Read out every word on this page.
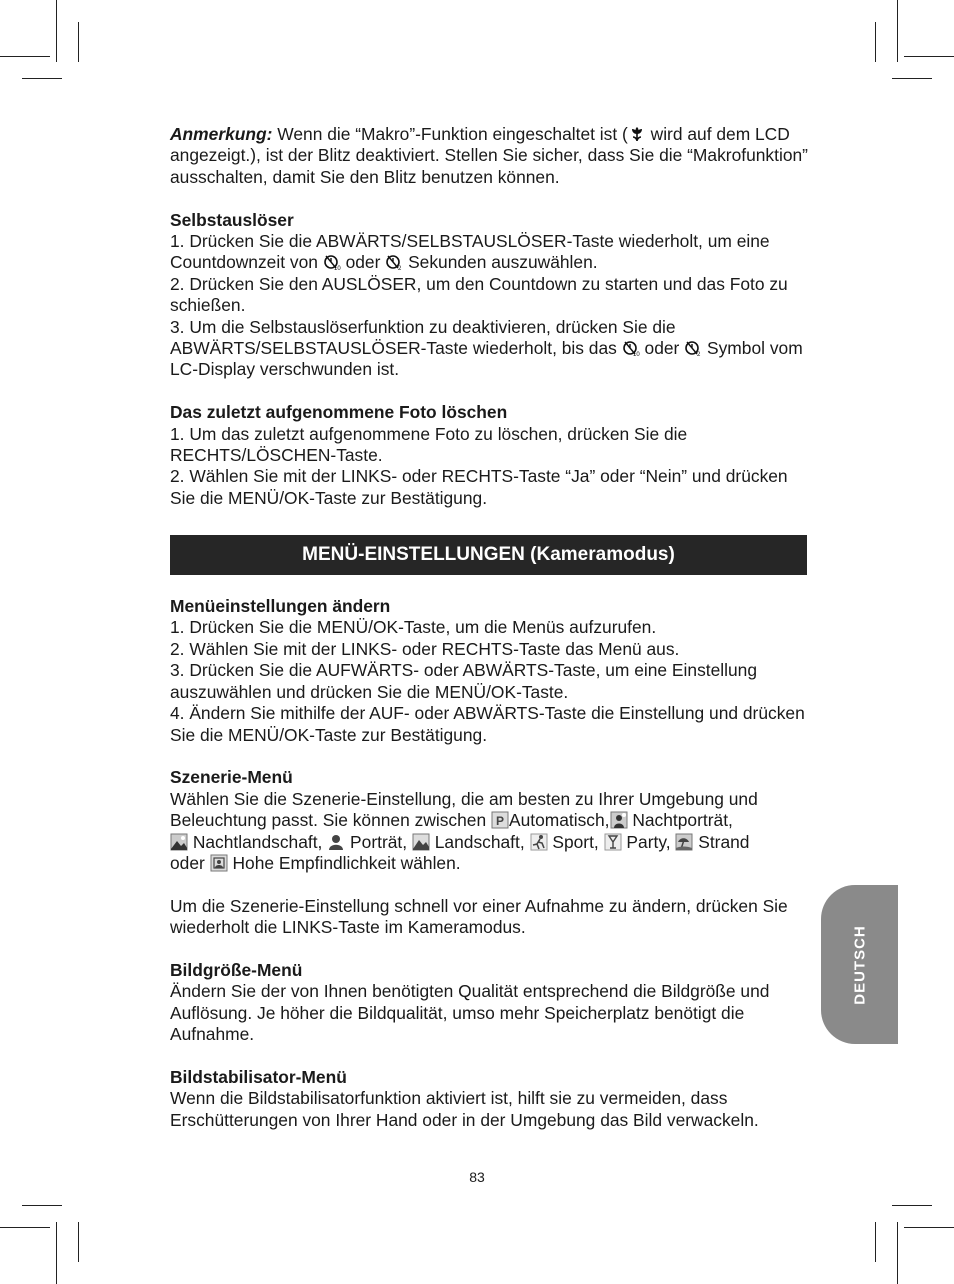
Anmerkung: Wenn die “Makro”-Funktion eingeschaltet ist (
wird auf dem LCD angezeigt.), ist der Blitz deaktiviert. Stellen Sie sicher, dass Sie die “Makrofunktion” ausschalten, damit Sie den Blitz benutzen können.

Selbstauslöser

1. Drücken Sie die ABWÄRTS/SELBSTAUSLÖSER-Taste wiederholt, um eine Countdownzeit von 10 oder 2 Sekunden auszuwählen.

2. Drücken Sie den AUSLÖSER, um den Countdown zu starten und das Foto zu schießen.

3. Um die Selbstauslöserfunktion zu deaktivieren, drücken Sie die ABWÄRTS/SELBSTAUSLÖSER-Taste wiederholt, bis das 10 oder 2 Symbol vom LC-Display verschwunden ist.

Das zuletzt aufgenommene Foto löschen

1. Um das zuletzt aufgenommene Foto zu löschen, drücken Sie die RECHTS/LÖSCHEN-Taste.

2. Wählen Sie mit der LINKS- oder RECHTS-Taste “Ja” oder “Nein” und drücken Sie die MENÜ/OK-Taste zur Bestätigung.

MENÜ-EINSTELLUNGEN (Kameramodus)

Menüeinstellungen ändern

1. Drücken Sie die MENÜ/OK-Taste, um die Menüs aufzurufen.

2. Wählen Sie mit der LINKS- oder RECHTS-Taste das Menü aus.

3. Drücken Sie die AUFWÄRTS- oder ABWÄRTS-Taste, um eine Einstellung auszuwählen und drücken Sie die MENÜ/OK-Taste.

4. Ändern Sie mithilfe der AUF- oder ABWÄRTS-Taste die Einstellung und drücken Sie die MENÜ/OK-Taste zur Bestätigung.

Szenerie-Menü

Wählen Sie die Szenerie-Einstellung, die am besten zu Ihrer Umgebung und Beleuchtung passt. Sie können zwischen P Automatisch,
Nachtporträt,

Nachtlandschaft,
Porträt,
Landschaft,
Sport,
Party,
Strand
oder
Hohe Empfindlichkeit wählen.

Um die Szenerie-Einstellung schnell vor einer Aufnahme zu ändern, drücken Sie wiederholt die LINKS-Taste im Kameramodus.

Bildgröße-Menü

Ändern Sie der von Ihnen benötigten Qualität entsprechend die Bildgröße und Auflösung. Je höher die Bildqualität, umso mehr Speicherplatz benötigt die Aufnahme.

Bildstabilisator-Menü

Wenn die Bildstabilisatorfunktion aktiviert ist, hilft sie zu vermeiden, dass Erschütterungen von Ihrer Hand oder in der Umgebung das Bild verwackeln.

DEUTSCH
83
